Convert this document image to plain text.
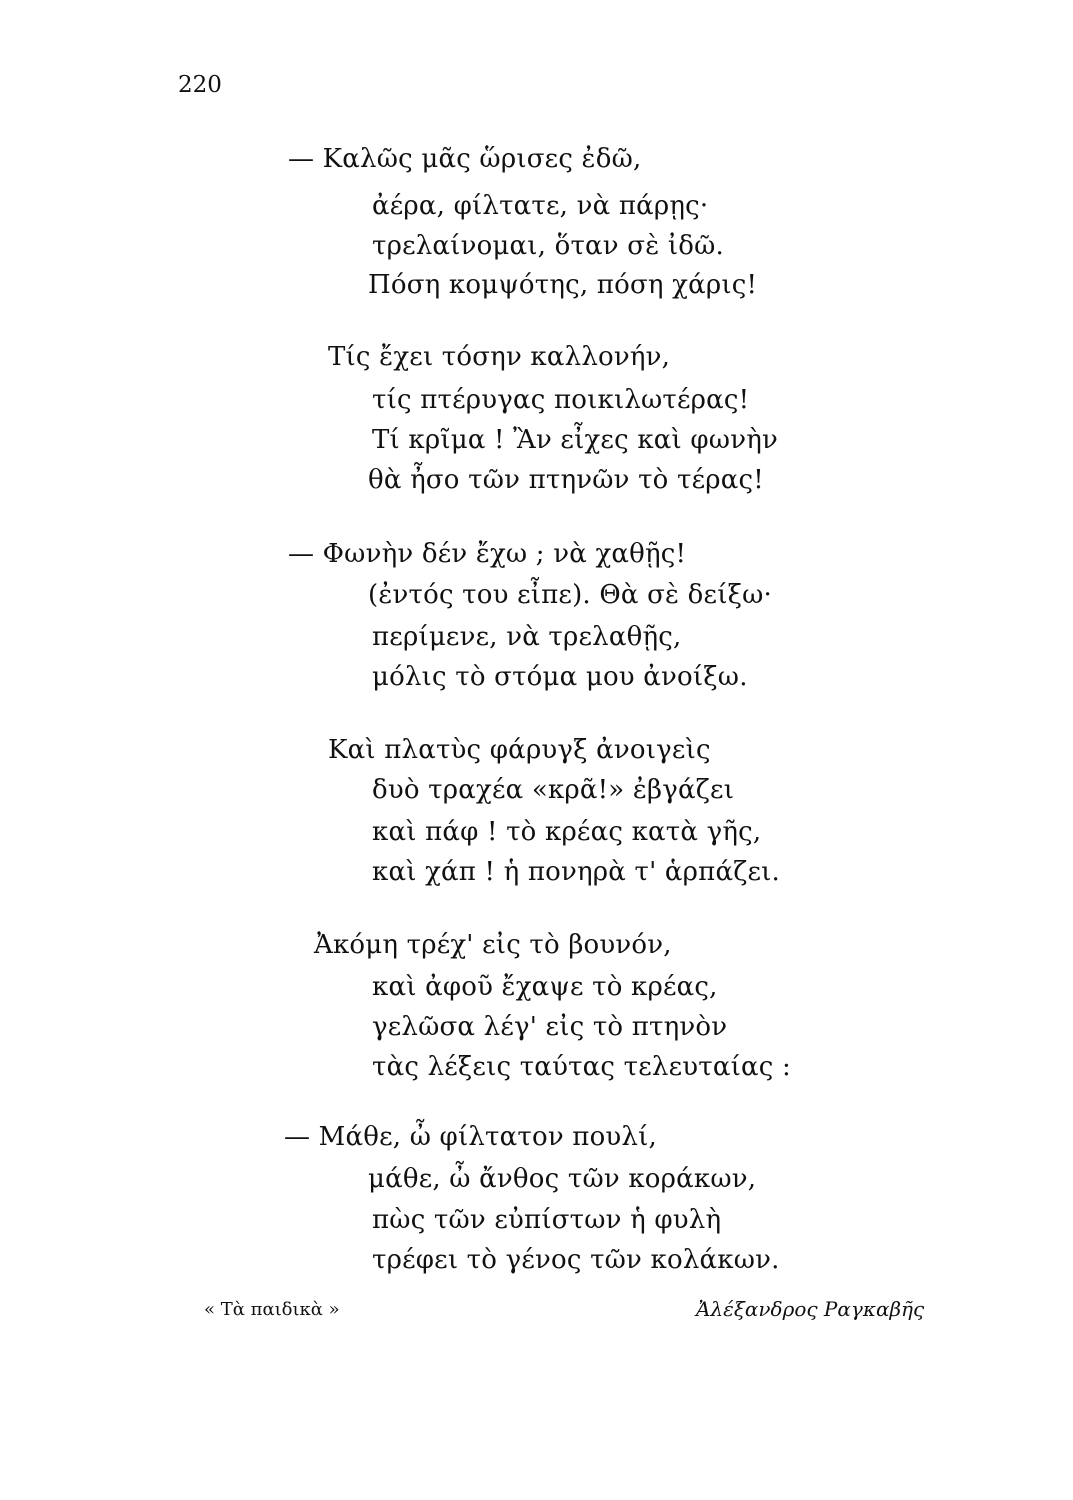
220
— Καλῶς μᾶς ὥρισες ἐδῶ,
ἀέρα, φίλτατε, νὰ πάρῃς·
τρελαίνομαι, ὅταν σὲ ἰδῶ.
Πόση κομψότης, πόση χάρις!
Τίς ἔχει τόσην καλλονήν,
τίς πτέρυγας ποικιλωτέρας!
Τί κρῖμα ! Ἂν εἶχες καὶ φωνὴν
θὰ ἦσο τῶν πτηνῶν τὸ τέρας!
— Φωνὴν δέν ἔχω ; νὰ χαθῇς!
(ἐντός του εἶπε). Θὰ σὲ δείξω·
περίμενε, νὰ τρελαθῇς,
μόλις τὸ στόμα μου ἀνοίξω.
Καὶ πλατὺς φάρυγξ ἀνοιγεὶς
δυὸ τραχέα «κρᾶ!» ἐβγάζει
καὶ πάφ ! τὸ κρέας κατὰ γῆς,
καὶ χάπ ! ἡ πονηρὰ τ' ἁρπάζει.
Ἀκόμη τρέχ' εἰς τὸ βουνόν,
καὶ ἀφοῦ ἔχαψε τὸ κρέας,
γελῶσα λέγ' εἰς τὸ πτηνὸν
τὰς λέξεις ταύτας τελευταίας :
— Μάθε, ὦ φίλτατον πουλί,
μάθε, ὦ ἄνθος τῶν κοράκων,
πὼς τῶν εὐπίστων ἡ φυλὴ
τρέφει τὸ γένος τῶν κολάκων.
« Τὰ παιδικὰ »	Ἀλέξανδρος Ραγκαβῆς
